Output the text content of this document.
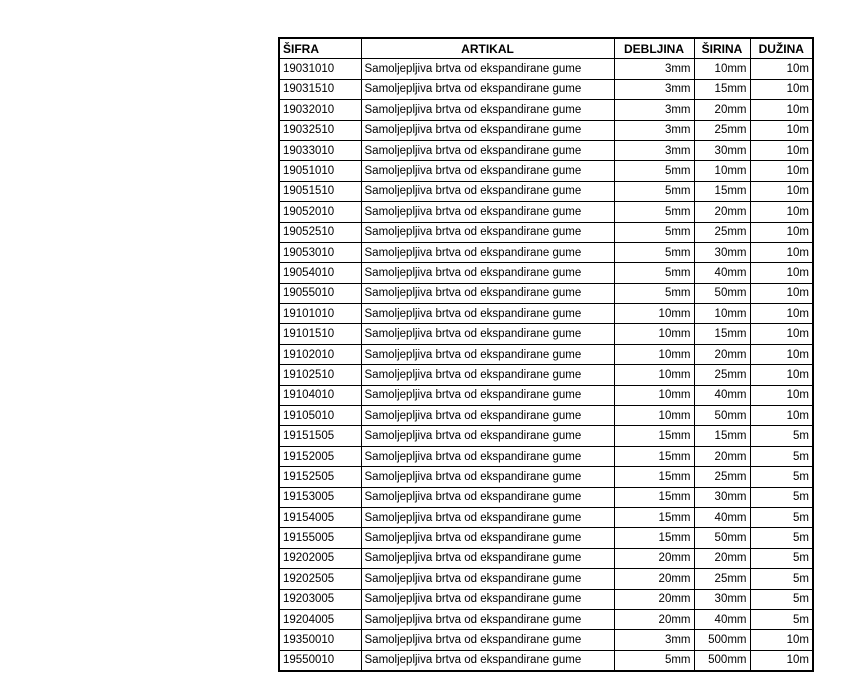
ŠIFRA	ARTIKAL	DEBLJINA	ŠIRINA	DUŽINA
19031010	Samoljepljiva brtva od ekspandirane gume	3mm	10mm	10m
19031510	Samoljepljiva brtva od ekspandirane gume	3mm	15mm	10m
19032010	Samoljepljiva brtva od ekspandirane gume	3mm	20mm	10m
19032510	Samoljepljiva brtva od ekspandirane gume	3mm	25mm	10m
19033010	Samoljepljiva brtva od ekspandirane gume	3mm	30mm	10m
19051010	Samoljepljiva brtva od ekspandirane gume	5mm	10mm	10m
19051510	Samoljepljiva brtva od ekspandirane gume	5mm	15mm	10m
19052010	Samoljepljiva brtva od ekspandirane gume	5mm	20mm	10m
19052510	Samoljepljiva brtva od ekspandirane gume	5mm	25mm	10m
19053010	Samoljepljiva brtva od ekspandirane gume	5mm	30mm	10m
19054010	Samoljepljiva brtva od ekspandirane gume	5mm	40mm	10m
19055010	Samoljepljiva brtva od ekspandirane gume	5mm	50mm	10m
19101010	Samoljepljiva brtva od ekspandirane gume	10mm	10mm	10m
19101510	Samoljepljiva brtva od ekspandirane gume	10mm	15mm	10m
19102010	Samoljepljiva brtva od ekspandirane gume	10mm	20mm	10m
19102510	Samoljepljiva brtva od ekspandirane gume	10mm	25mm	10m
19104010	Samoljepljiva brtva od ekspandirane gume	10mm	40mm	10m
19105010	Samoljepljiva brtva od ekspandirane gume	10mm	50mm	10m
19151505	Samoljepljiva brtva od ekspandirane gume	15mm	15mm	5m
19152005	Samoljepljiva brtva od ekspandirane gume	15mm	20mm	5m
19152505	Samoljepljiva brtva od ekspandirane gume	15mm	25mm	5m
19153005	Samoljepljiva brtva od ekspandirane gume	15mm	30mm	5m
19154005	Samoljepljiva brtva od ekspandirane gume	15mm	40mm	5m
19155005	Samoljepljiva brtva od ekspandirane gume	15mm	50mm	5m
19202005	Samoljepljiva brtva od ekspandirane gume	20mm	20mm	5m
19202505	Samoljepljiva brtva od ekspandirane gume	20mm	25mm	5m
19203005	Samoljepljiva brtva od ekspandirane gume	20mm	30mm	5m
19204005	Samoljepljiva brtva od ekspandirane gume	20mm	40mm	5m
19350010	Samoljepljiva brtva od ekspandirane gume	3mm	500mm	10m
19550010	Samoljepljiva brtva od ekspandirane gume	5mm	500mm	10m
